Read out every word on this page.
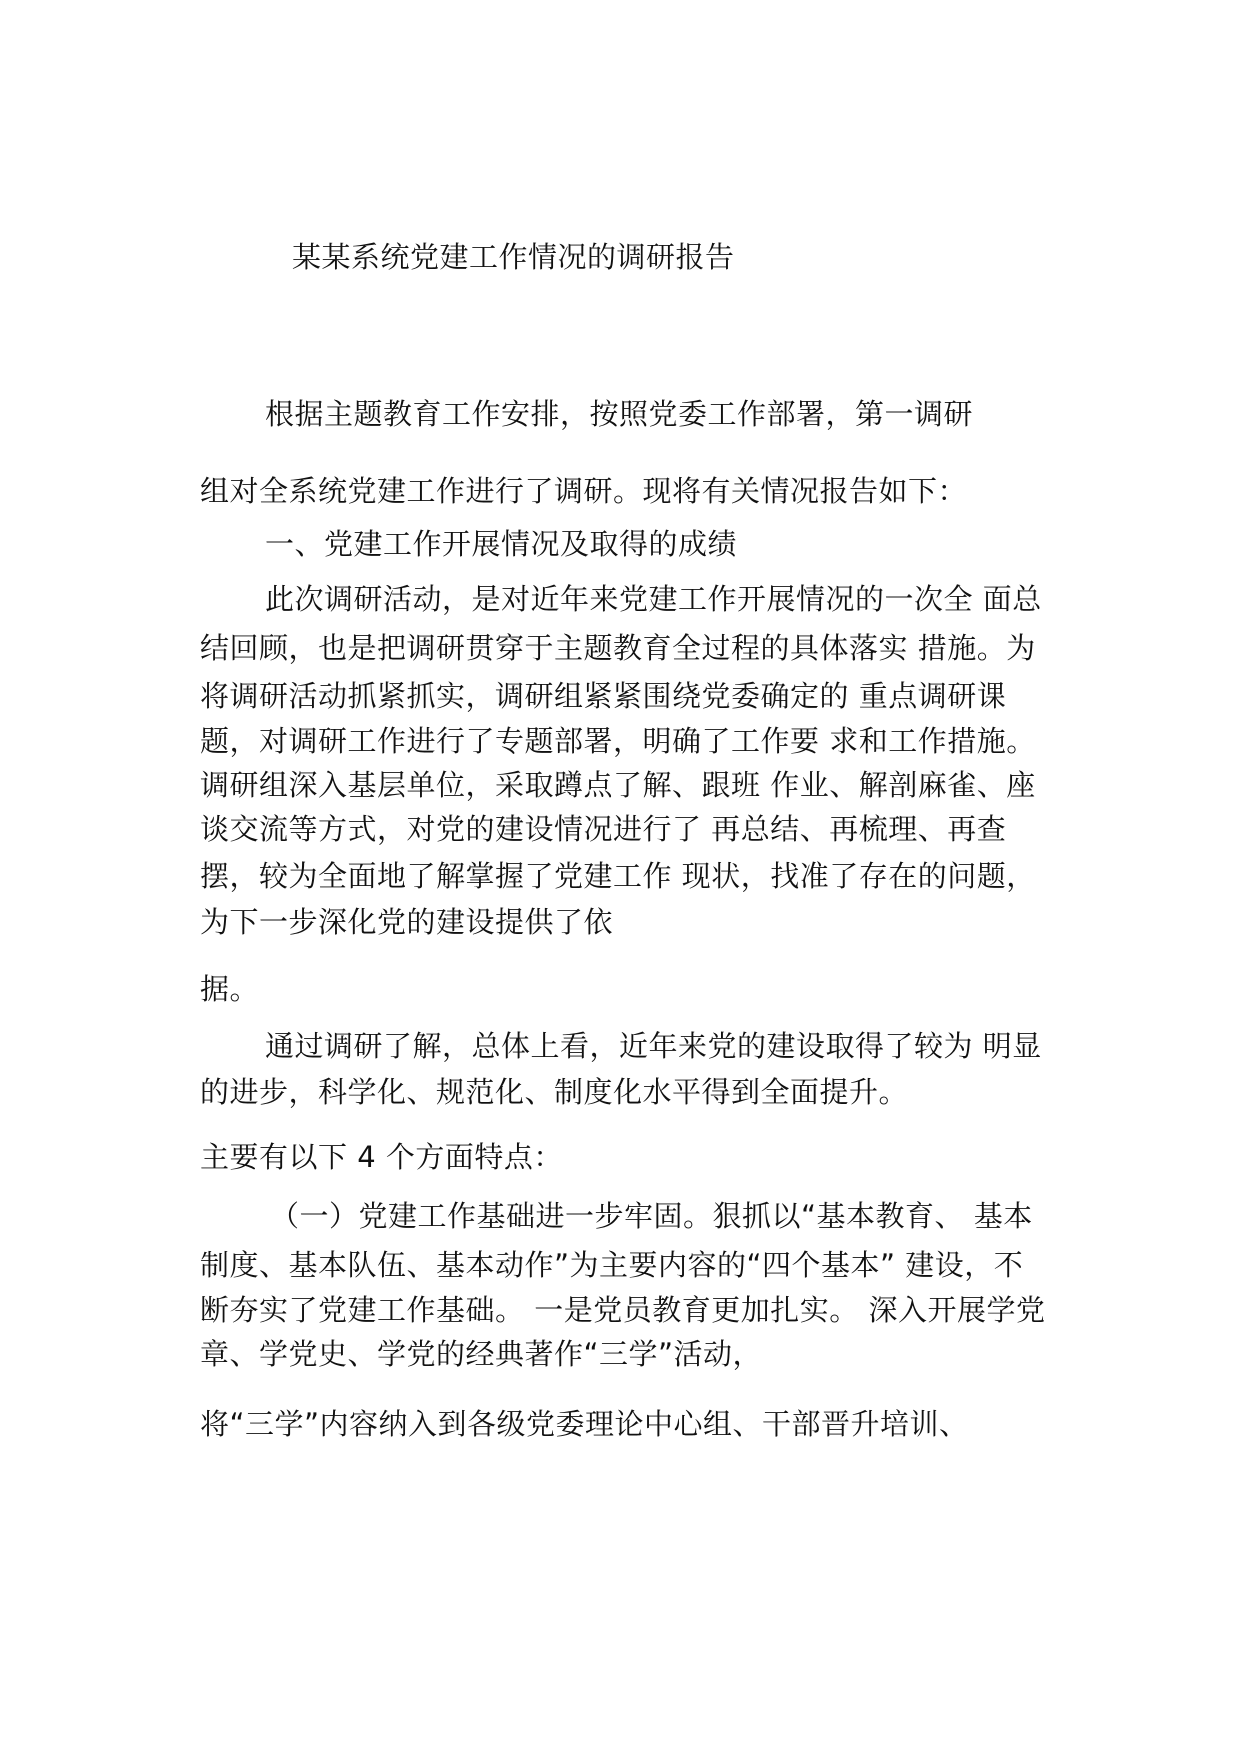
某某系统党建工作情况的调研报告
根据主题教育工作安排，按照党委工作部署，第一调研
组对全系统党建工作进行了调研。现将有关情况报告如下：
一、党建工作开展情况及取得的成绩
此次调研活动，是对近年来党建工作开展情况的一次全 面总
结回顾，也是把调研贯穿于主题教育全过程的具体落实 措施。为
将调研活动抓紧抓实，调研组紧紧围绕党委确定的 重点调研课
题，对调研工作进行了专题部署，明确了工作要 求和工作措施。
调研组深入基层单位，采取蹲点了解、跟班 作业、解剖麻雀、座
谈交流等方式，对党的建设情况进行了 再总结、再梳理、再查
摆，较为全面地了解掌握了党建工作 现状，找准了存在的问题，
为下一步深化党的建设提供了依
据。
通过调研了解，总体上看，近年来党的建设取得了较为 明显
的进步，科学化、规范化、制度化水平得到全面提升。
主要有以下 4 个方面特点：
（一）党建工作基础进一步牢固。狠抓以“基本教育、 基本
制度、基本队伍、基本动作”为主要内容的“四个基本” 建设，不
断夯实了党建工作基础。 一是党员教育更加扎实。 深入开展学党
章、学党史、学党的经典著作“三学”活动，
将“三学”内容纳入到各级党委理论中心组、干部晋升培训、
